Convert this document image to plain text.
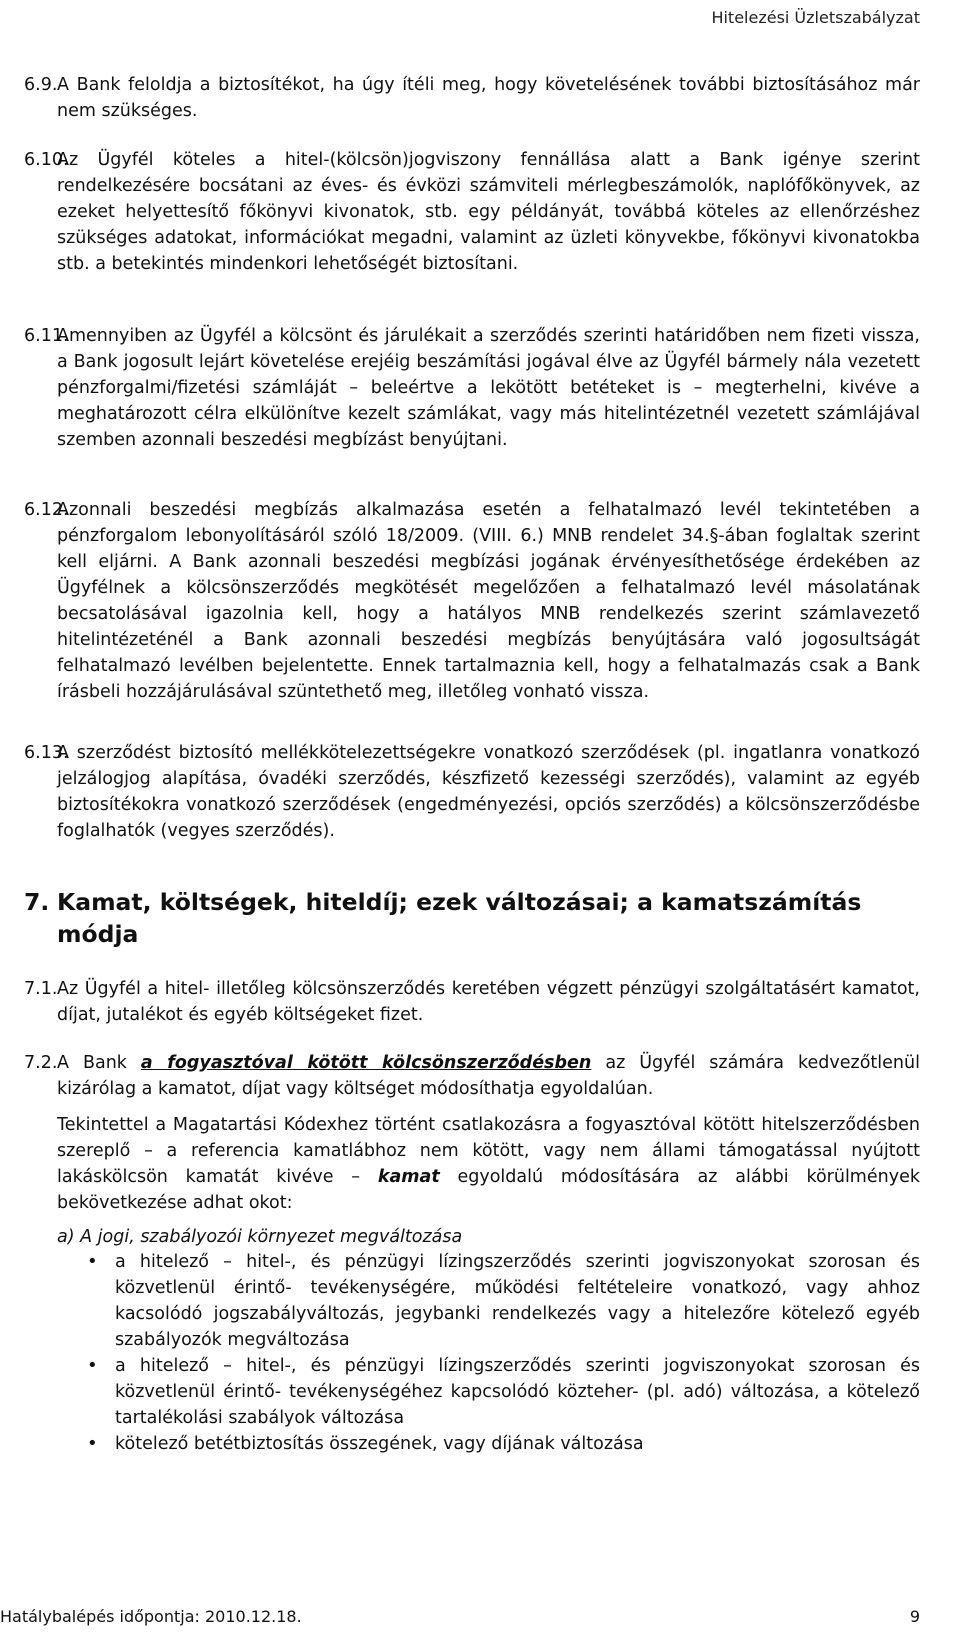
Hitelezési Üzletszabályzat
6.9. A Bank feloldja a biztosítékot, ha úgy ítéli meg, hogy követelésének további biztosításához már nem szükséges.
6.10.
Az Ügyfél köteles a hitel-(kölcsön)jogviszony fennállása alatt a Bank igénye szerint rendelkezésére bocsátani az éves- és évközi számviteli mérlegbeszámolók, naplófőkönyvek, az ezeket helyettesítő főkönyvi kivonatok, stb. egy példányát, továbbá köteles az ellenőrzéshez szükséges adatokat, információkat megadni, valamint az üzleti könyvekbe, főkönyvi kivonatokba stb. a betekintés mindenkori lehetőségét biztosítani.
6.11.
Amennyiben az Ügyfél a kölcsönt és járulékait a szerződés szerinti határidőben nem fizeti vissza, a Bank jogosult lejárt követelése erejéig beszámítási jogával élve az Ügyfél bármely nála vezetett pénzforgalmi/fizetési számláját – beleértve a lekötött betéteket is – megterhelni, kivéve a meghatározott célra elkülönítve kezelt számlákat, vagy más hitelintézetnél vezetett számlájával szemben azonnali beszedési megbízást benyújtani.
6.12.
Azonnali beszedési megbízás alkalmazása esetén a felhatalmazó levél tekintetében a pénzforgalom lebonyolításáról szóló 18/2009. (VIII. 6.) MNB rendelet 34.§-ában foglaltak szerint kell eljárni. A Bank azonnali beszedési megbízási jogának érvényesíthetősége érdekében az Ügyfélnek a kölcsönszerződés megkötését megelőzően a felhatalmazó levél másolatának becsatolásával igazolnia kell, hogy a hatályos MNB rendelkezés szerint számlavezető hitelintézeténél a Bank azonnali beszedési megbízás benyújtására való jogosultságát felhatalmazó levélben bejelentette. Ennek tartalmaznia kell, hogy a felhatalmazás csak a Bank írásbeli hozzájárulásával szüntethető meg, illetőleg vonható vissza.
6.13.
A szerződést biztosító mellékkötelezettségekre vonatkozó szerződések (pl. ingatlanra vonatkozó jelzálogjog alapítása, óvadéki szerződés, készfizető kezességi szerződés), valamint az egyéb biztosítékokra vonatkozó szerződések (engedményezési, opciós szerződés) a kölcsönszerződésbe foglalhatók (vegyes szerződés).
7. Kamat, költségek, hiteldíj; ezek változásai; a kamatszámítás módja
7.1. Az Ügyfél a hitel- illetőleg kölcsönszerződés keretében végzett pénzügyi szolgáltatásért kamatot, díjat, jutalékot és egyéb költségeket fizet.
7.2. A Bank a fogyasztóval kötött kölcsönszerződésben az Ügyfél számára kedvezőtlenül kizárólag a kamatot, díjat vagy költséget módosíthatja egyoldalúan.
Tekintettel a Magatartási Kódexhez történt csatlakozásra a fogyasztóval kötött hitelszerződésben szereplő – a referencia kamatlábhoz nem kötött, vagy nem állami támogatással nyújtott lakáskölcsön kamatát kivéve – kamat egyoldalú módosítására az alábbi körülmények bekövetkezése adhat okot:
a) A jogi, szabályozói környezet megváltozása
• a hitelező – hitel-, és pénzügyi lízingszerződés szerinti jogviszonyokat szorosan és közvetlenül érintő- tevékenységére, működési feltételeire vonatkozó, vagy ahhoz kacsolódó jogszabályváltozás, jegybanki rendelkezés vagy a hitelezőre kötelező egyéb szabályozók megváltozása
• a hitelező – hitel-, és pénzügyi lízingszerződés szerinti jogviszonyokat szorosan és közvetlenül érintő- tevékenységéhez kapcsolódó közteher- (pl. adó) változása, a kötelező tartalékolási szabályok változása
• kötelező betétbiztosítás összegének, vagy díjának változása
Hatálybalépés időpontja: 2010.12.18.	9
